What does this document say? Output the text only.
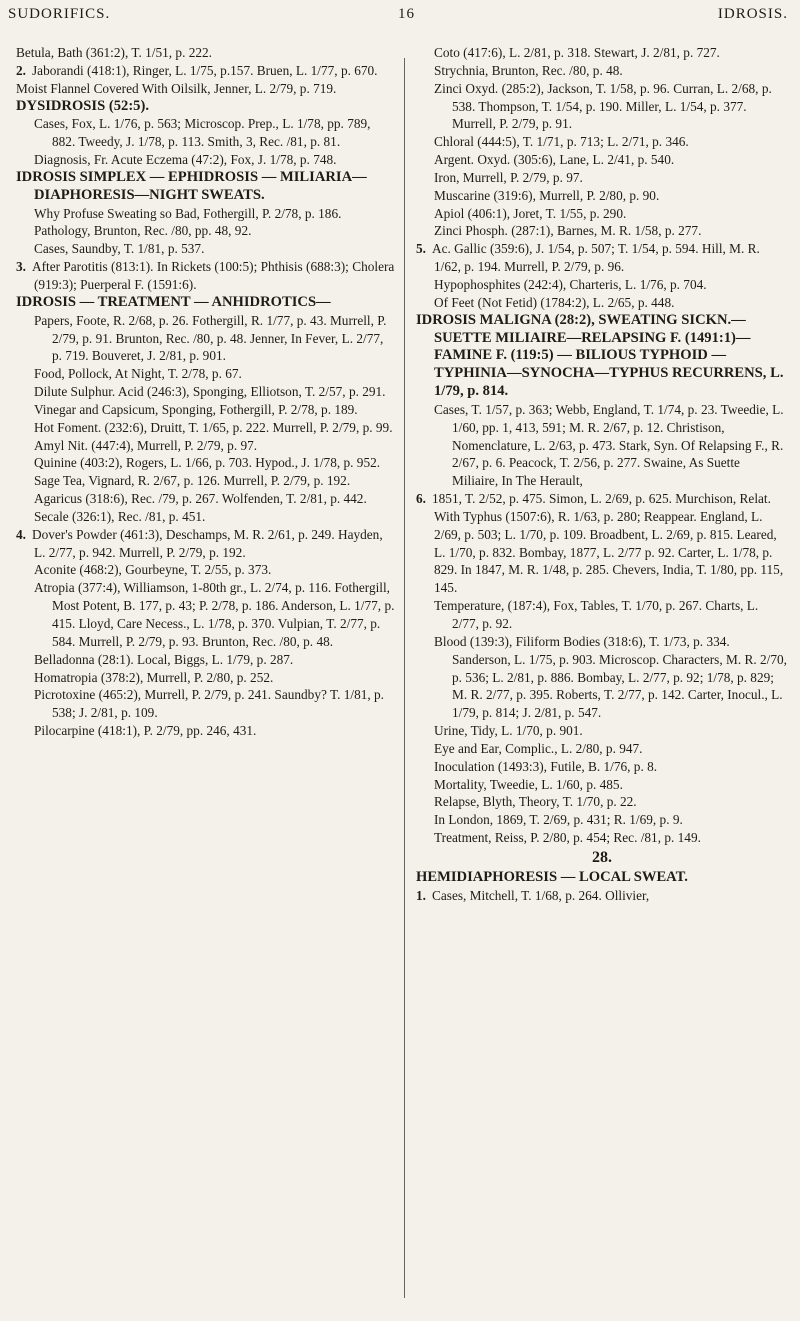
SUDORIFICS.	16	IDROSIS.

Betula, Bath (361:2), T. 1/51, p. 222.

2. Jaborandi (418:1), Ringer, L. 1/75, p.157. Bruen, L. 1/77, p. 670.

Moist Flannel Covered With Oilsilk, Jenner, L. 2/79, p. 719.

DYSIDROSIS (52:5).

Cases, Fox, L. 1/76, p. 563; Microscop. Prep., L. 1/78, pp. 789, 882. Tweedy, J. 1/78, p. 113. Smith, 3, Rec. /81, p. 81.

Diagnosis, Fr. Acute Eczema (47:2), Fox, J. 1/78, p. 748.

IDROSIS SIMPLEX — EPHIDROSIS — MILIARIA—DIAPHORESIS—NIGHT SWEATS.

Why Profuse Sweating so Bad, Fothergill, P. 2/78, p. 186.

Pathology, Brunton, Rec. /80, pp. 48, 92.

Cases, Saundby, T. 1/81, p. 537.

3. After Parotitis (813:1). In Rickets (100:5); Phthisis (688:3); Cholera (919:3); Puerperal F. (1591:6).

IDROSIS — TREATMENT — ANHIDROTICS—

Papers, Foote, R. 2/68, p. 26. Fothergill, R. 1/77, p. 43. Murrell, P. 2/79, p. 91. Brunton, Rec. /80, p. 48. Jenner, In Fever, L. 2/77, p. 719. Bouveret, J. 2/81, p. 901.

Food, Pollock, At Night, T. 2/78, p. 67.

Dilute Sulphur. Acid (246:3), Sponging, Elliotson, T. 2/57, p. 291.

Vinegar and Capsicum, Sponging, Fothergill, P. 2/78, p. 189.

Hot Foment. (232:6), Druitt, T. 1/65, p. 222. Murrell, P. 2/79, p. 99.

Amyl Nit. (447:4), Murrell, P. 2/79, p. 97.

Quinine (403:2), Rogers, L. 1/66, p. 703. Hypod., J. 1/78, p. 952.

Sage Tea, Vignard, R. 2/67, p. 126. Murrell, P. 2/79, p. 192.

Agaricus (318:6), Rec. /79, p. 267. Wolfenden, T. 2/81, p. 442.

Secale (326:1), Rec. /81, p. 451.

4. Dover's Powder (461:3), Deschamps, M. R. 2/61, p. 249. Hayden, L. 2/77, p. 942. Murrell, P. 2/79, p. 192.

Aconite (468:2), Gourbeyne, T. 2/55, p. 373.

Atropia (377:4), Williamson, 1-80th gr., L. 2/74, p. 116. Fothergill, Most Potent, B. 177, p. 43; P. 2/78, p. 186. Anderson, L. 1/77, p. 415. Lloyd, Care Necess., L. 1/78, p. 370. Vulpian, T. 2/77, p. 584. Murrell, P. 2/79, p. 93. Brunton, Rec. /80, p. 48.

Belladonna (28:1). Local, Biggs, L. 1/79, p. 287.

Homatropia (378:2), Murrell, P. 2/80, p. 252.

Picrotoxine (465:2), Murrell, P. 2/79, p. 241. Saundby? T. 1/81, p. 538; J. 2/81, p. 109.

Pilocarpine (418:1), P. 2/79, pp. 246, 431.

Coto (417:6), L. 2/81, p. 318. Stewart, J. 2/81, p. 727.

Strychnia, Brunton, Rec. /80, p. 48.

Zinci Oxyd. (285:2), Jackson, T. 1/58, p. 96. Curran, L. 2/68, p. 538. Thompson, T. 1/54, p. 190. Miller, L. 1/54, p. 377. Murrell, P. 2/79, p. 91.

Chloral (444:5), T. 1/71, p. 713; L. 2/71, p. 346.

Argent. Oxyd. (305:6), Lane, L. 2/41, p. 540.

Iron, Murrell, P. 2/79, p. 97.

Muscarine (319:6), Murrell, P. 2/80, p. 90.

Apiol (406:1), Joret, T. 1/55, p. 290.

Zinci Phosph. (287:1), Barnes, M. R. 1/58, p. 277.

5. Ac. Gallic (359:6), J. 1/54, p. 507; T. 1/54, p. 594. Hill, M. R. 1/62, p. 194. Murrell, P. 2/79, p. 96.

Hypophosphites (242:4), Charteris, L. 1/76, p. 704.

Of Feet (Not Fetid) (1784:2), L. 2/65, p. 448.

IDROSIS MALIGNA (28:2), SWEATING SICKN.—SUETTE MILIAIRE—RELAPSING F. (1491:1)—FAMINE F. (119:5) — BILIOUS TYPHOID — TYPHINIA—SYNOCHA—TYPHUS RECURRENS, L. 1/79, p. 814.

Cases, T. 1/57, p. 363; Webb, England, T. 1/74, p. 23. Tweedie, L. 1/60, pp. 1, 413, 591; M. R. 2/67, p. 12. Christison, Nomenclature, L. 2/63, p. 473. Stark, Syn. Of Relapsing F., R. 2/67, p. 6. Peacock, T. 2/56, p. 277. Swaine, As Suette Miliaire, In The Herault,

6. 1851, T. 2/52, p. 475. Simon, L. 2/69, p. 625. Murchison, Relat. With Typhus (1507:6), R. 1/63, p. 280; Reappear. England, L. 2/69, p. 503; L. 1/70, p. 109. Broadbent, L. 2/69, p. 815. Leared, L. 1/70, p. 832. Bombay, 1877, L. 2/77 p. 92. Carter, L. 1/78, p. 829. In 1847, M. R. 1/48, p. 285. Chevers, India, T. 1/80, pp. 115, 145.

Temperature, (187:4), Fox, Tables, T. 1/70, p. 267. Charts, L. 2/77, p. 92.

Blood (139:3), Filiform Bodies (318:6), T. 1/73, p. 334. Sanderson, L. 1/75, p. 903. Microscop. Characters, M. R. 2/70, p. 536; L. 2/81, p. 886. Bombay, L. 2/77, p. 92; 1/78, p. 829; M. R. 2/77, p. 395. Roberts, T. 2/77, p. 142. Carter, Inocul., L. 1/79, p. 814; J. 2/81, p. 547.

Urine, Tidy, L. 1/70, p. 901.

Eye and Ear, Complic., L. 2/80, p. 947.

Inoculation (1493:3), Futile, B. 1/76, p. 8.

Mortality, Tweedie, L. 1/60, p. 485.

Relapse, Blyth, Theory, T. 1/70, p. 22.

In London, 1869, T. 2/69, p. 431; R. 1/69, p. 9.

Treatment, Reiss, P. 2/80, p. 454; Rec. /81, p. 149.

28.

HEMIDIAPHORESIS — LOCAL SWEAT.

1. Cases, Mitchell, T. 1/68, p. 264. Ollivier,
